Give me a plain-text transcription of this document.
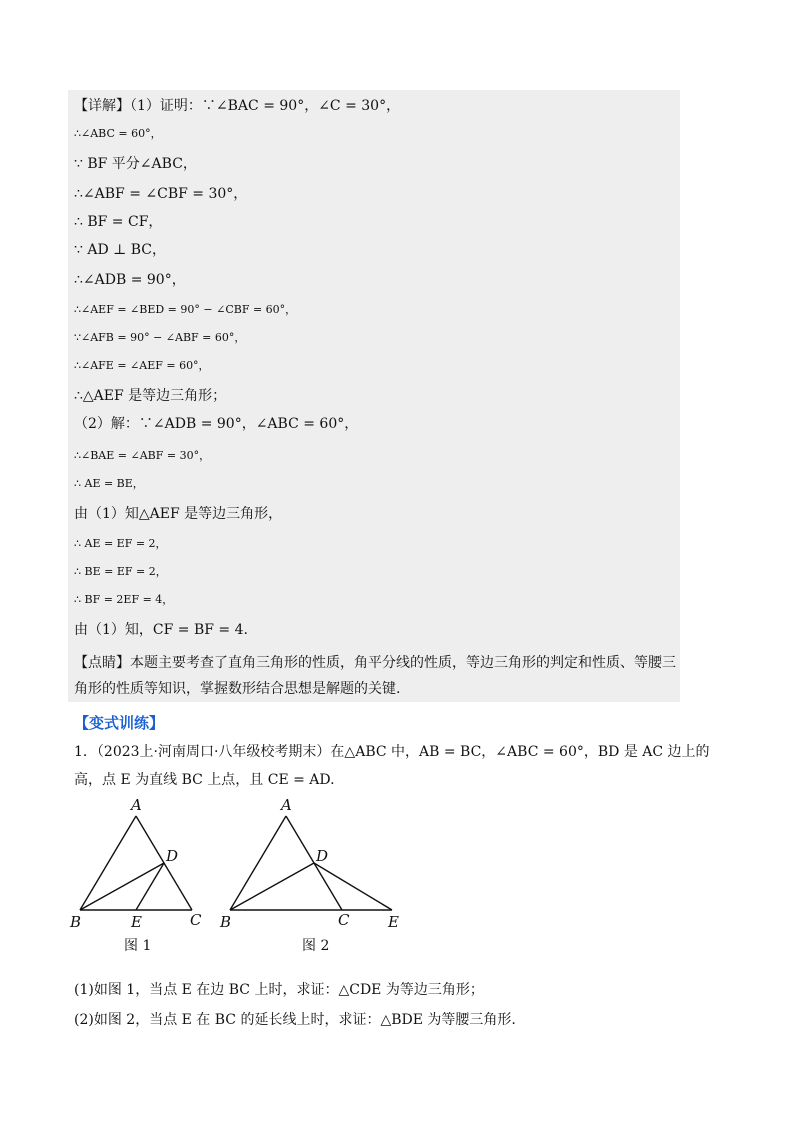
【详解】（1）证明：∵∠BAC = 90°，∠C = 30°，
∴∠ABC = 60°，
∵ BF 平分∠ABC，
∴∠ABF = ∠CBF = 30°，
∴ BF = CF，
∵ AD ⊥ BC，
∴∠ADB = 90°，
∴∠AEF = ∠BED = 90° − ∠CBF = 60°，
∵∠AFB = 90° − ∠ABF = 60°，
∴∠AFE = ∠AEF = 60°，
∴△AEF 是等边三角形；
（2）解：∵∠ADB = 90°，∠ABC = 60°，
∴∠BAE = ∠ABF = 30°，
∴ AE = BE，
由（1）知△AEF 是等边三角形，
∴ AE = EF = 2，
∴ BE = EF = 2，
∴ BF = 2EF = 4，
由（1）知，CF = BF = 4.
【点睛】本题主要考查了直角三角形的性质，角平分线的性质，等边三角形的判定和性质、等腰三角形的性质等知识，掌握数形结合思想是解题的关键.
【变式训练】
1．（2023上·河南周口·八年级校考期末）在△ABC 中，AB = BC，∠ABC = 60°，BD 是 AC 边上的
高，点 E 为直线 BC 上点，且 CE = AD.
A
D
B	E	C
A
D
B	C	E
图 1	图 2
(1)如图 1，当点 E 在边 BC 上时，求证：△CDE 为等边三角形；
(2)如图 2，当点 E 在 BC 的延长线上时，求证：△BDE 为等腰三角形.
